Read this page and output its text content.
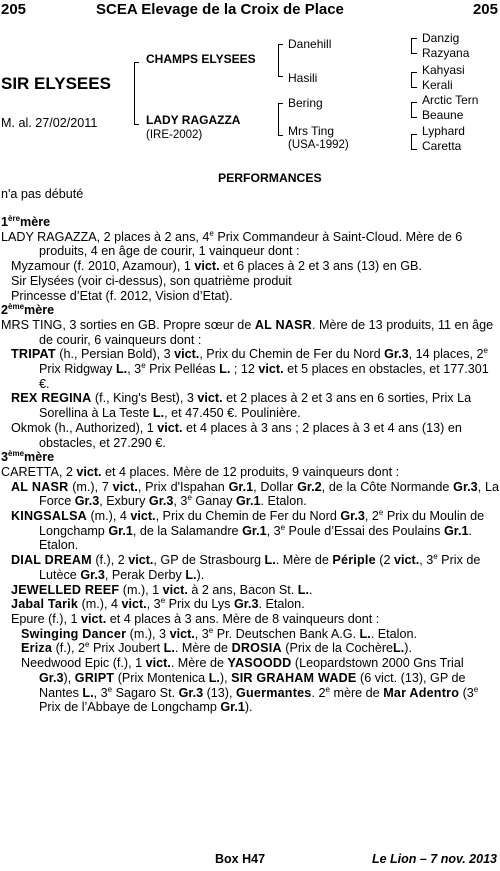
205	SCEA Elevage de la Croix de Place	205
SIR ELYSEES
M. al. 27/02/2011
CHAMPS ELYSEES
LADY RAGAZZA
(IRE-2002)
Danehill
Hasili
Bering
Mrs Ting
(USA-1992)
Danzig
Razyana
Kahyasi
Kerali
Arctic Tern
Beaune
Lyphard
Caretta
PERFORMANCES
n'a pas débuté

1èremère

LADY RAGAZZA, 2 places à 2 ans, 4e Prix Commandeur à Saint-Cloud. Mère de 6 produits, 4 en âge de courir, 1 vainqueur dont :

Myzamour (f. 2010, Azamour), 1 vict. et 6 places à 2 et 3 ans (13) en GB.

Sir Elysées (voir ci-dessus), son quatrième produit

Princesse d’Etat (f. 2012, Vision d’Etat).

2èmemère

MRS TING, 3 sorties en GB. Propre sœur de AL NASR. Mère de 13 produits, 11 en âge de courir, 6 vainqueurs dont :

TRIPAT (h., Persian Bold), 3 vict., Prix du Chemin de Fer du Nord Gr.3, 14 places, 2e Prix Ridgway L., 3e Prix Pelléas L. ; 12 vict. et 5 places en obstacles, et 177.301 €.

REX REGINA (f., King's Best), 3 vict. et 2 places à 2 et 3 ans en 6 sorties, Prix La Sorellina à La Teste L., et 47.450 €. Poulinière.

Okmok (h., Authorized), 1 vict. et 4 places à 3 ans ; 2 places à 3 et 4 ans (13) en obstacles, et 27.290 €.

3èmemère

CARETTA, 2 vict. et 4 places. Mère de 12 produits, 9 vainqueurs dont :

AL NASR (m.), 7 vict., Prix d'Ispahan Gr.1, Dollar Gr.2, de la Côte Normande Gr.3, La Force Gr.3, Exbury Gr.3, 3e Ganay Gr.1. Etalon.

KINGSALSA (m.), 4 vict., Prix du Chemin de Fer du Nord Gr.3, 2e Prix du Moulin de Longchamp Gr.1, de la Salamandre Gr.1, 3e Poule d’Essai des Poulains Gr.1. Etalon.

DIAL DREAM (f.), 2 vict., GP de Strasbourg L.. Mère de Périple (2 vict., 3e Prix de Lutèce Gr.3, Perak Derby L.).

JEWELLED REEF (m.), 1 vict. à 2 ans, Bacon St. L..

Jabal Tarik (m.), 4 vict., 3e Prix du Lys Gr.3. Etalon.

Epure (f.), 1 vict. et 4 places à 3 ans. Mère de 8 vainqueurs dont :

Swinging Dancer (m.), 3 vict., 3e Pr. Deutschen Bank A.G. L.. Etalon.

Eriza (f.), 2e Prix Joubert L.. Mère de DROSIA (Prix de la CochèreL.).

Needwood Epic (f.), 1 vict.. Mère de YASOODD (Leopardstown 2000 Gns Trial Gr.3), GRIPT (Prix Montenica L.), SIR GRAHAM WADE (6 vict. (13), GP de Nantes L., 3e Sagaro St. Gr.3 (13), Guermantes. 2e mère de Mar Adentro (3e Prix de l’Abbaye de Longchamp Gr.1).

Box H47	Le Lion – 7 nov. 2013
